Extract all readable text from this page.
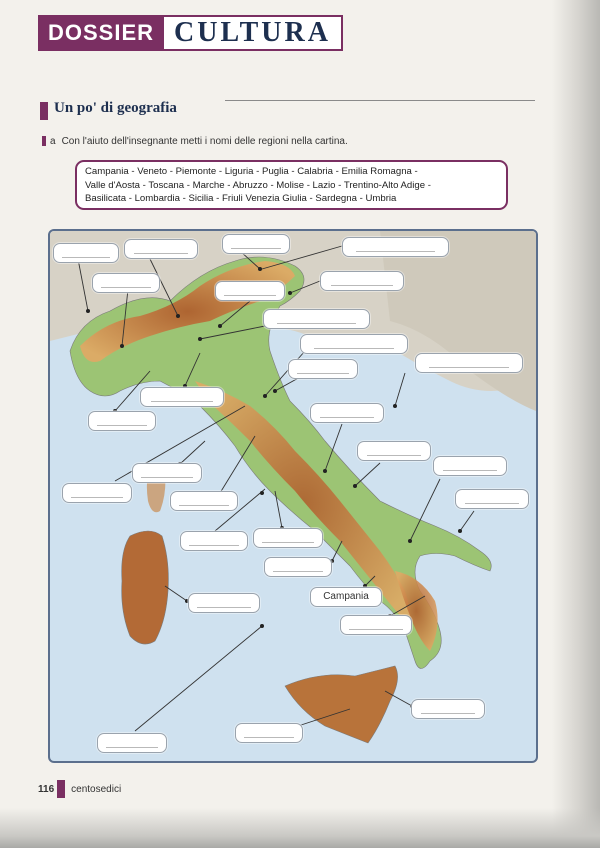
DOSSIER CULTURA
Un po' di geografia
a Con l'aiuto dell'insegnante metti i nomi delle regioni nella cartina.
Campania - Veneto - Piemonte - Liguria - Puglia - Calabria - Emilia Romagna -
Valle d'Aosta - Toscana - Marche - Abruzzo - Molise - Lazio - Trentino-Alto Adige -
Basilicata - Lombardia - Sicilia - Friuli Venezia Giulia - Sardegna - Umbria
Campania
116 centosedici
